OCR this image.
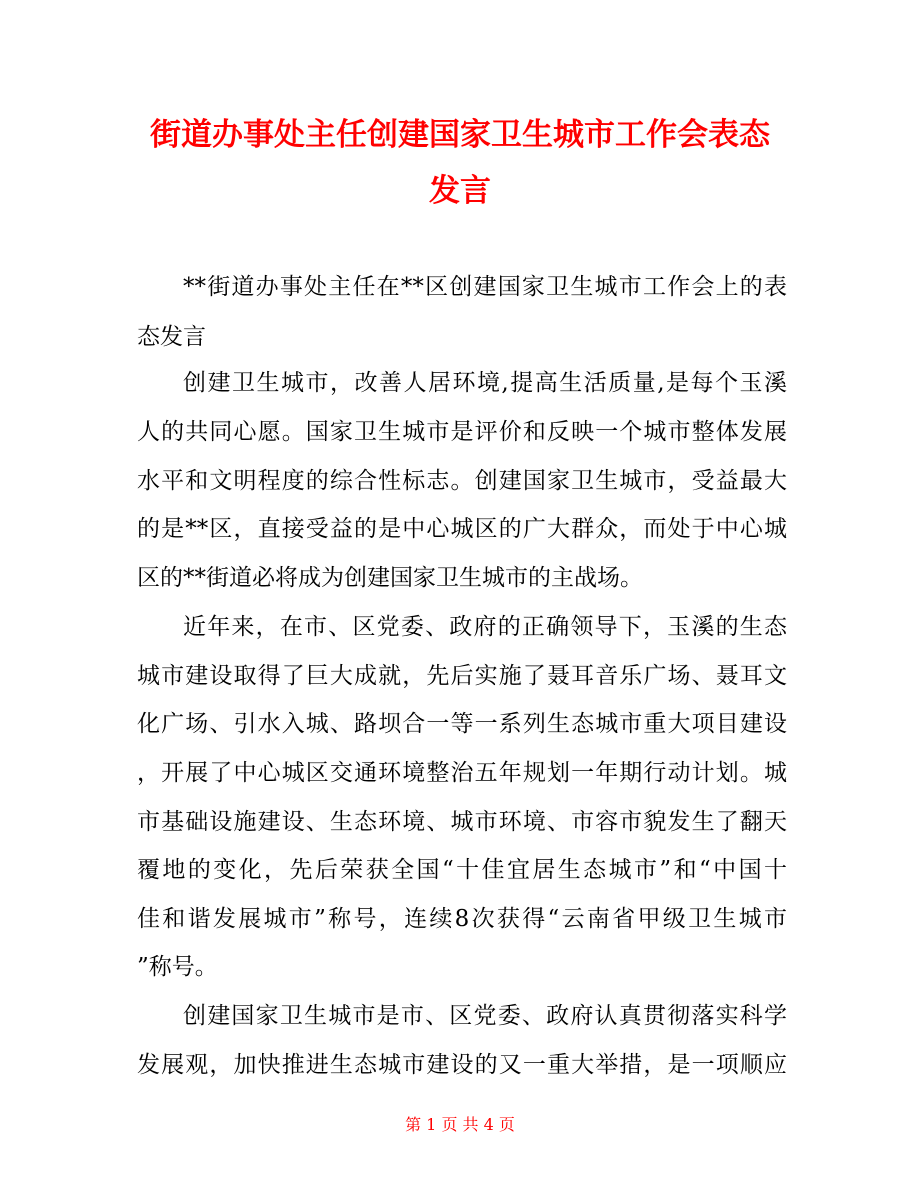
街道办事处主任创建国家卫生城市工作会表态
发言
**街道办事处主任在**区创建国家卫生城市工作会上的表
态发言
创建卫生城市，改善人居环境,提高生活质量,是每个玉溪
人的共同心愿。国家卫生城市是评价和反映一个城市整体发展
水平和文明程度的综合性标志。创建国家卫生城市，受益最大
的是**区，直接受益的是中心城区的广大群众，而处于中心城
区的**街道必将成为创建国家卫生城市的主战场。
近年来，在市、区党委、政府的正确领导下，玉溪的生态
城市建设取得了巨大成就，先后实施了聂耳音乐广场、聂耳文
化广场、引水入城、路坝合一等一系列生态城市重大项目建设
，开展了中心城区交通环境整治五年规划一年期行动计划。城
市基础设施建设、生态环境、城市环境、市容市貌发生了翻天
覆地的变化，先后荣获全国“十佳宜居生态城市”和“中国十
佳和谐发展城市”称号，连续8次获得“云南省甲级卫生城市
”称号。
创建国家卫生城市是市、区党委、政府认真贯彻落实科学
发展观，加快推进生态城市建设的又一重大举措，是一项顺应
第 1 页 共 4 页
